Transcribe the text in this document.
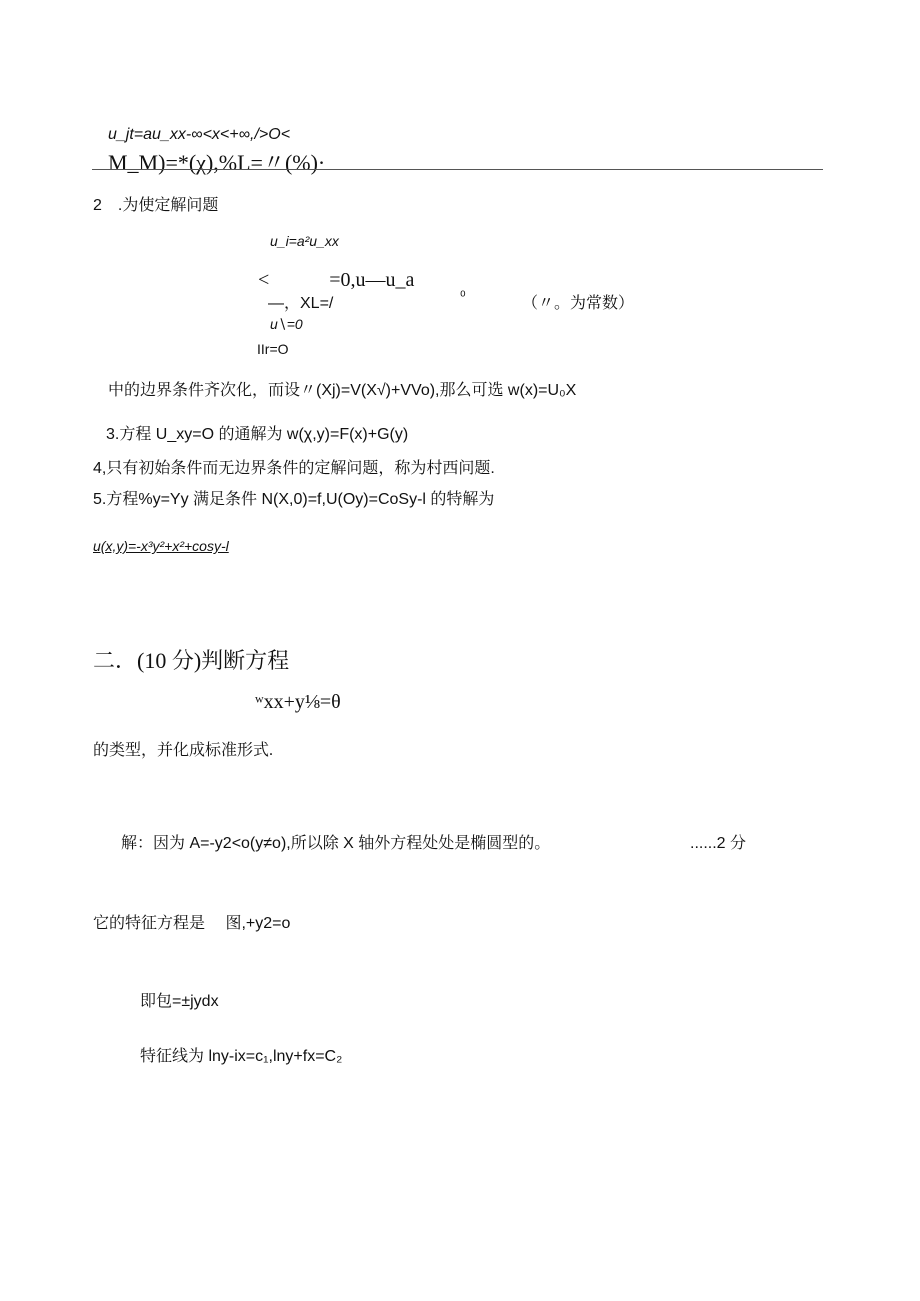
u_jt=au_xx-∞<x<+∞,/>O<
M_M)=*(χ),%L=〃(%)·
2　.为使定解问题
u_i=a²u_xx
<　　　=0,u—u_a
—，XL=/	⁰	（〃。为常数）
u∖=0
IIr=O
中的边界条件齐次化，而设〃(Xj)=V(X√)+VVo),那么可选 w(x)=U₀X
3.方程 U_xy=O 的通解为 w(χ,y)=F(x)+G(y)
4,只有初始条件而无边界条件的定解问题，称为村西问题.
5.方程%y=Yy 满足条件 N(X,0)=f,U(Oy)=CoSy-l 的特解为
u(x,y)=-x³y²+x²+cosy-l
二．(10 分)判断方程
ʷxx+y⅛=θ
的类型，并化成标准形式.
解：因为 A=-y2<o(y≠o),所以除 X 轴外方程处处是椭圆型的。	......2 分
它的特征方程是　 图,+y2=o
即包=±jydx
特征线为 lny-ix=c₁,lny+fx=C₂
